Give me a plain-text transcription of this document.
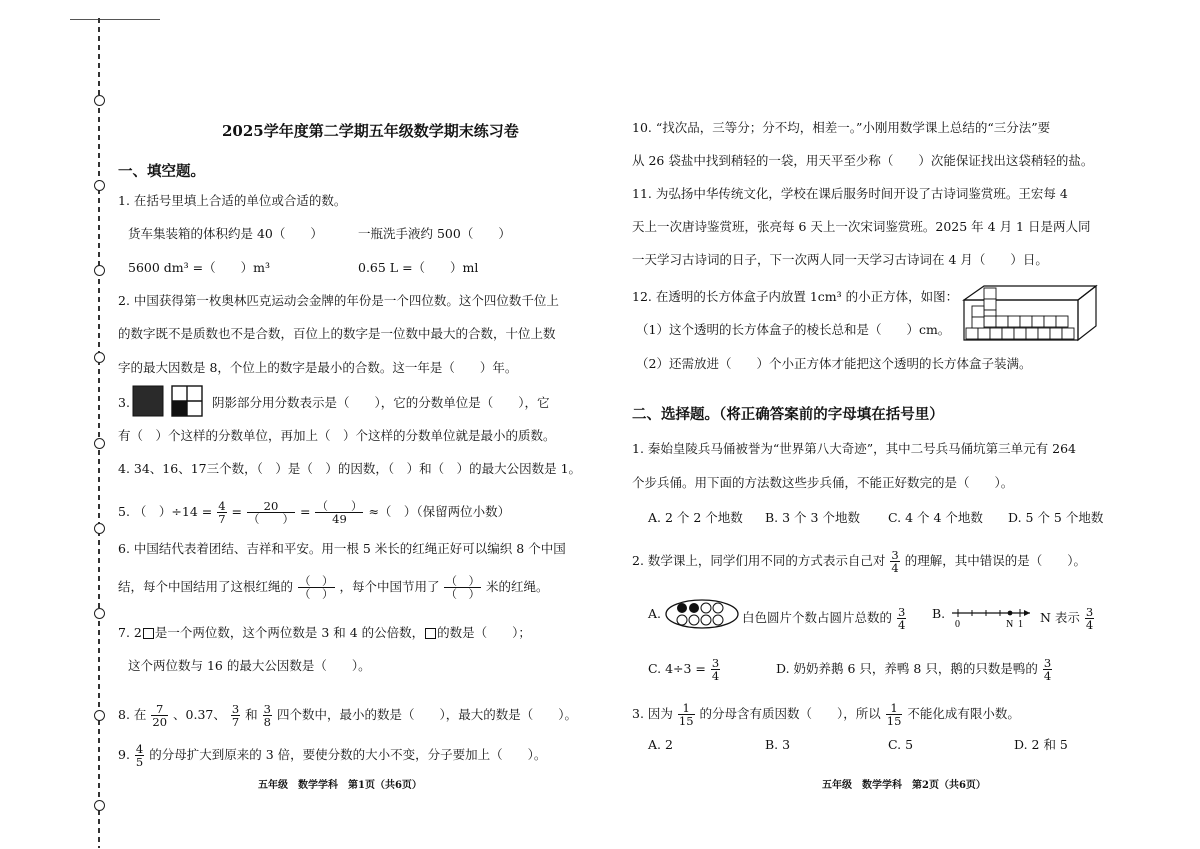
2025学年度第二学期五年级数学期末练习卷
一、填空题。
1. 在括号里填上合适的单位或合适的数。
货车集装箱的体积约是 40（　　）	一瓶洗手液约 500（　　）
5600 dm³ =（　　）m³	0.65 L =（　　）ml
2. 中国获得第一枚奥林匹克运动会金牌的年份是一个四位数。这个四位数千位上
的数字既不是质数也不是合数，百位上的数字是一位数中最大的合数，十位上数
字的最大因数是 8，个位上的数字是最小的合数。这一年是（　　）年。
3.	阴影部分用分数表示是（　　），它的分数单位是（　　），它
有（　）个这样的分数单位，再加上（　）个这样的分数单位就是最小的质数。
4. 34、16、17三个数，（　）是（　）的因数，（　）和（　）的最大公因数是 1。
5. （　）$\div 14 = \frac{4}{7} = \frac{20}{( )} = \frac{( )}{49}$ ≈（　）（保留两位小数）
6. 中国结代表着团结、吉祥和平安。用一根 5 米长的红绳正好可以编织 8 个中国
结，每个中国结用了这根红绳的 $\frac{( )}{( )}$ ，每个中国节用了 $\frac{( )}{( )}$ 米的红绳。
7. 2 是一个两位数，这个两位数是 3 和 4 的公倍数， 的数是（　　）；
这个两位数与 16 的最大公因数是（　　）。
8. 在 $\frac{7}{20}$ 、0.37、 $\frac{3}{7}$ 和 $\frac{3}{8}$ 四个数中，最小的数是（　　），最大的数是（　　）。
9. $\frac{4}{5}$ 的分母扩大到原来的 3 倍，要使分数的大小不变，分子要加上（　　）。
五年级　数学学科　第1页（共6页）
10. “找次品，三等分；分不均，相差一。”小刚用数学课上总结的“三分法”要
从 26 袋盐中找到稍轻的一袋，用天平至少称（　　）次能保证找出这袋稍轻的盐。
11. 为弘扬中华传统文化，学校在课后服务时间开设了古诗词鉴赏班。王宏每 4
天上一次唐诗鉴赏班，张亮每 6 天上一次宋词鉴赏班。2025 年 4 月 1 日是两人同
一天学习古诗词的日子，下一次两人同一天学习古诗词在 4 月（　　）日。
12. 在透明的长方体盒子内放置 1cm³ 的小正方体，如图：
（1）这个透明的长方体盒子的棱长总和是（　　）cm。
（2）还需放进（　　）个小正方体才能把这个透明的长方体盒子装满。
二、选择题。（将正确答案前的字母填在括号里）
1. 秦始皇陵兵马俑被誉为“世界第八大奇迹”，其中二号兵马俑坑第三单元有 264
个步兵俑。用下面的方法数这些步兵俑，不能正好数完的是（　　）。
A. 2 个 2 个地数 B. 3 个 3 个地数 C. 4 个 4 个地数 D. 5 个 5 个地数
2. 数学课上，同学们用不同的方式表示自己对 $\frac{3}{4}$ 的理解，其中错误的是（　　）。
A.	白色圆片个数占圆片总数的 $\frac{3}{4} B$.
0	N 1 N 表示 $\frac{3}{4}$
C. $4\div 3 = \frac{3}{4}$	D. 奶奶养鹅 6 只，养鸭 8 只，鹅的只数是鸭的 $\frac{3}{4}$
3. 因为 $\frac{1}{15}$ 的分母含有质因数（　　），所以 $\frac{1}{15}$ 不能化成有限小数。
A. 2	B. 3	C. 5	D. 2 和 5
五年级　数学学科　第2页（共6页）
